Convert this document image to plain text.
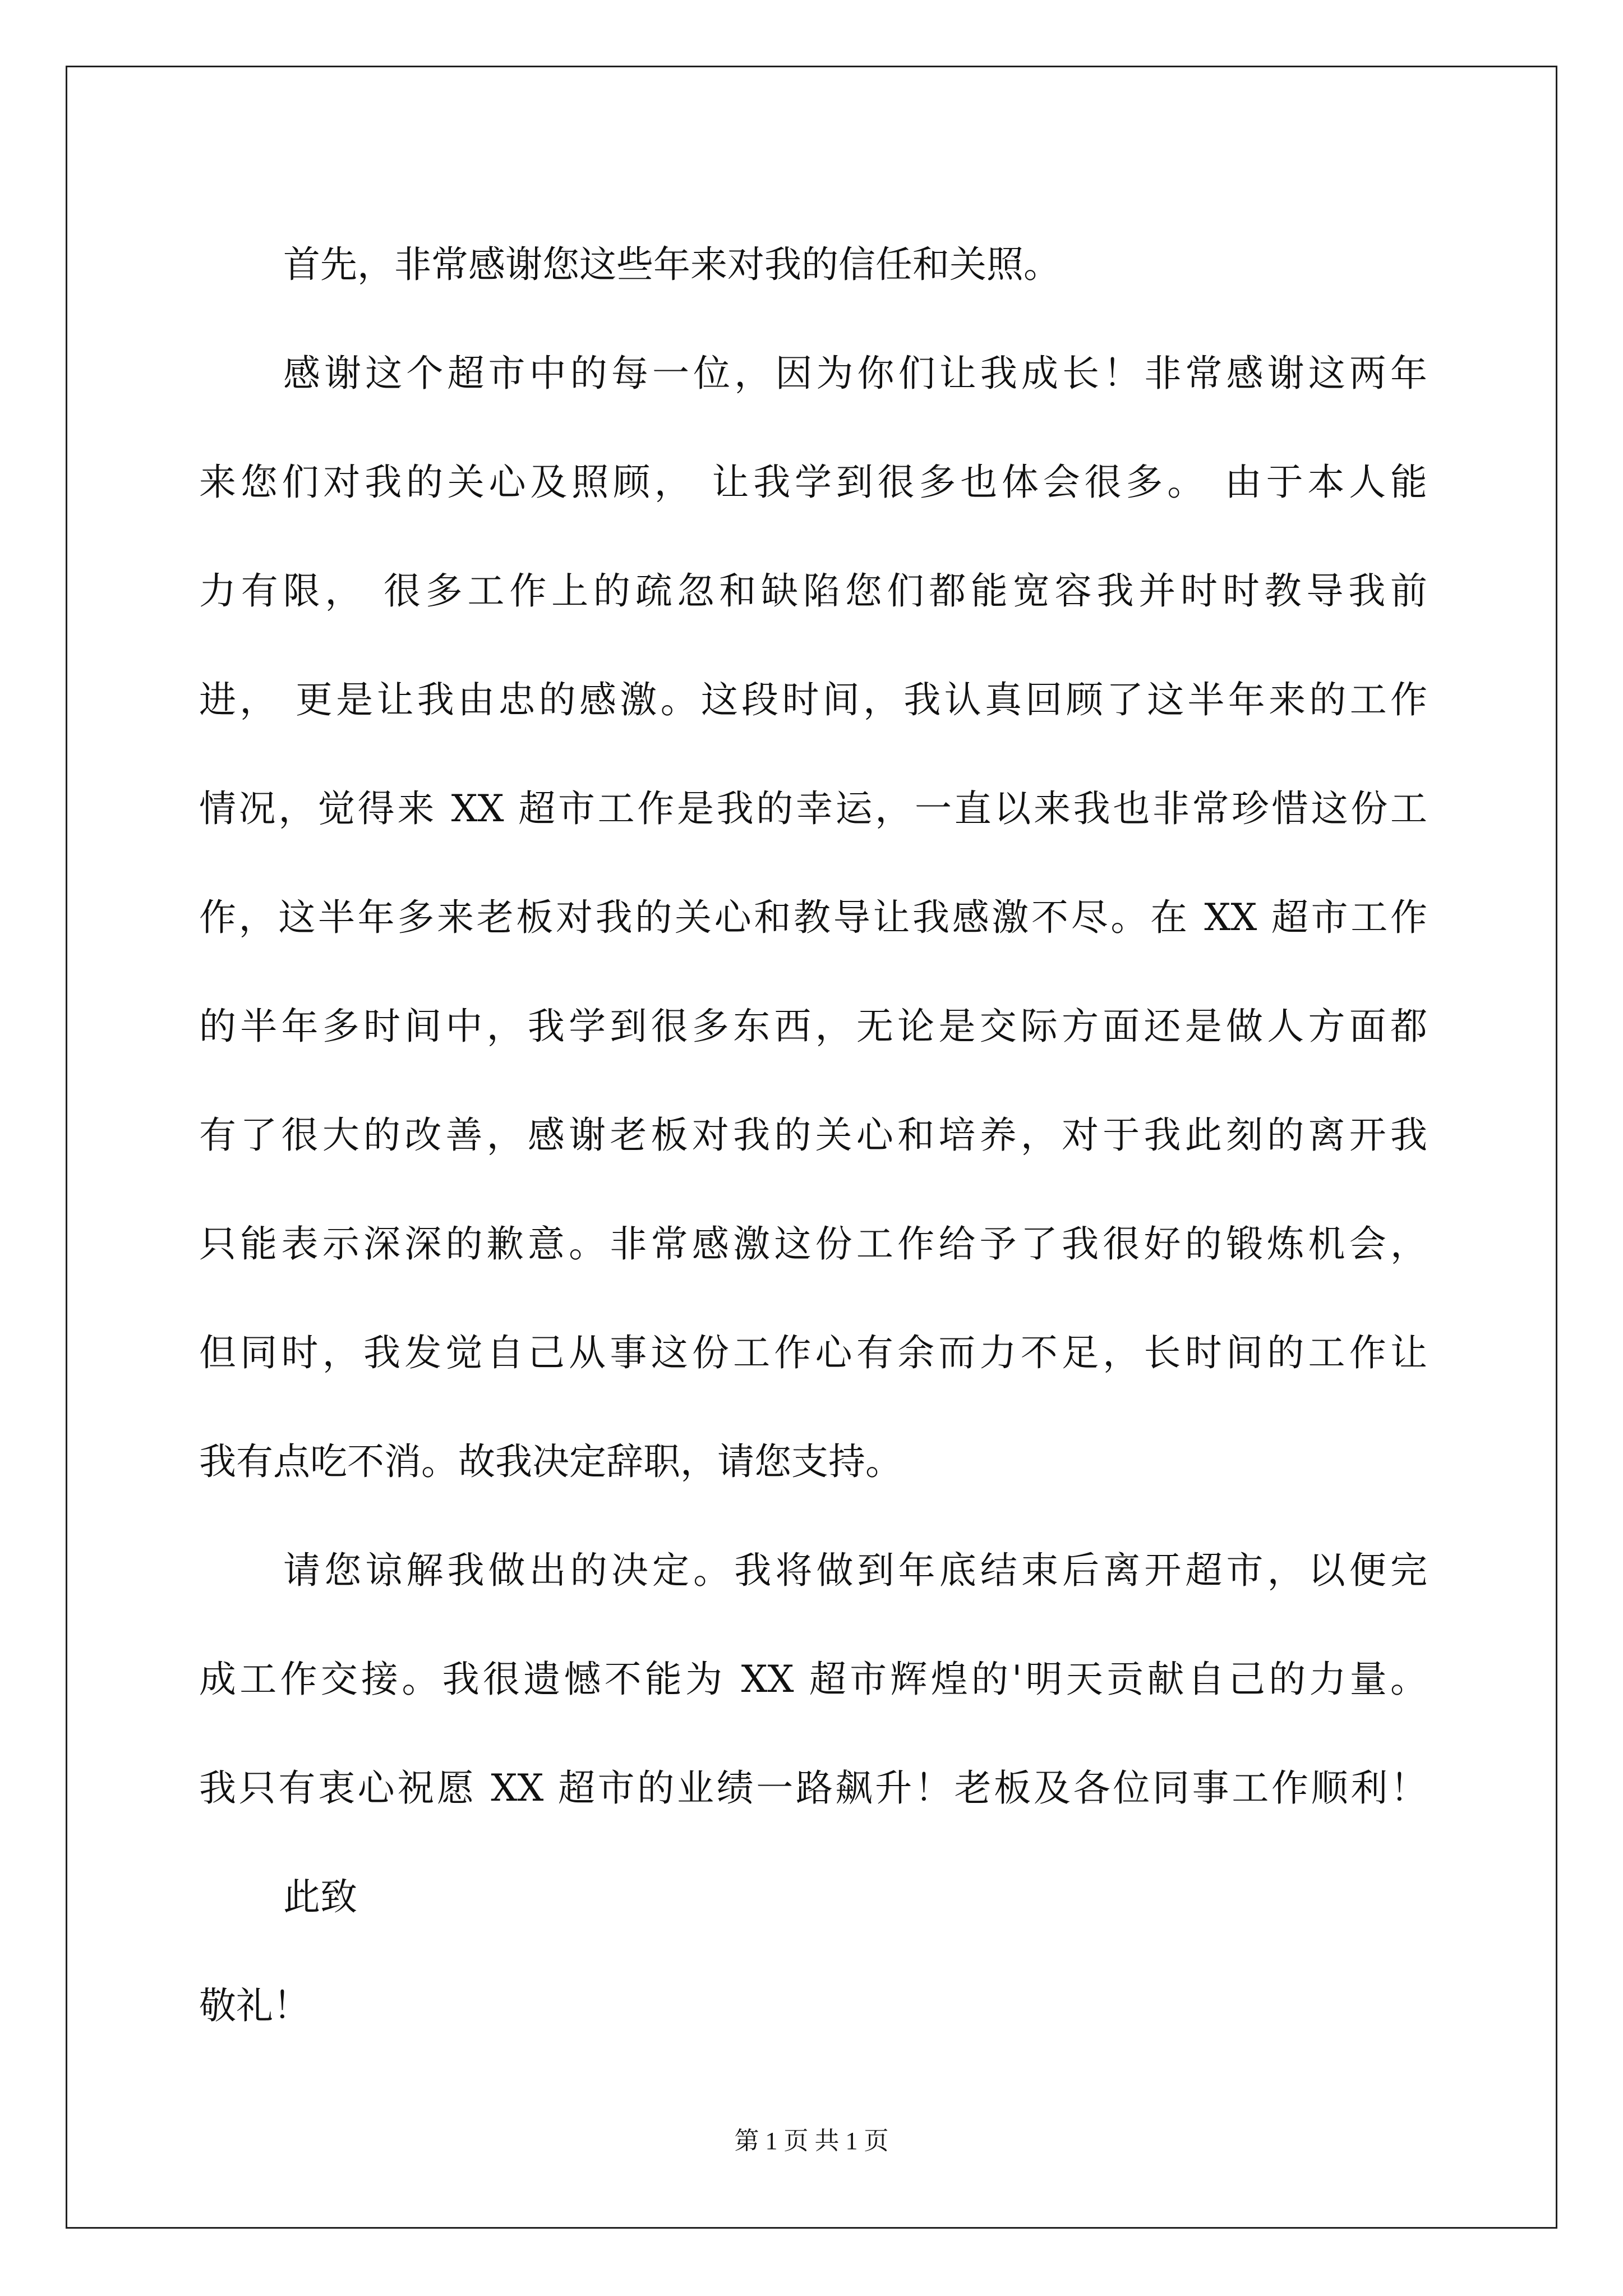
首先，非常感谢您这些年来对我的信任和关照。
感谢这个超市中的每一位，因为你们让我成长！非常感谢这两年
来您们对我的关心及照顾， 让我学到很多也体会很多。 由于本人能
力有限， 很多工作上的疏忽和缺陷您们都能宽容我并时时教导我前
进， 更是让我由忠的感激。这段时间，我认真回顾了这半年来的工作
情况，觉得来 XX 超市工作是我的幸运，一直以来我也非常珍惜这份工
作，这半年多来老板对我的关心和教导让我感激不尽。在 XX 超市工作
的半年多时间中，我学到很多东西，无论是交际方面还是做人方面都
有了很大的改善，感谢老板对我的关心和培养，对于我此刻的离开我
只能表示深深的歉意。非常感激这份工作给予了我很好的锻炼机会，
但同时，我发觉自己从事这份工作心有余而力不足，长时间的工作让
我有点吃不消。故我决定辞职，请您支持。
请您谅解我做出的决定。我将做到年底结束后离开超市，以便完
成工作交接。我很遗憾不能为 XX 超市辉煌的'明天贡献自己的力量。
我只有衷心祝愿 XX 超市的业绩一路飙升！老板及各位同事工作顺利！
此致
敬礼！
第 1 页 共 1 页
